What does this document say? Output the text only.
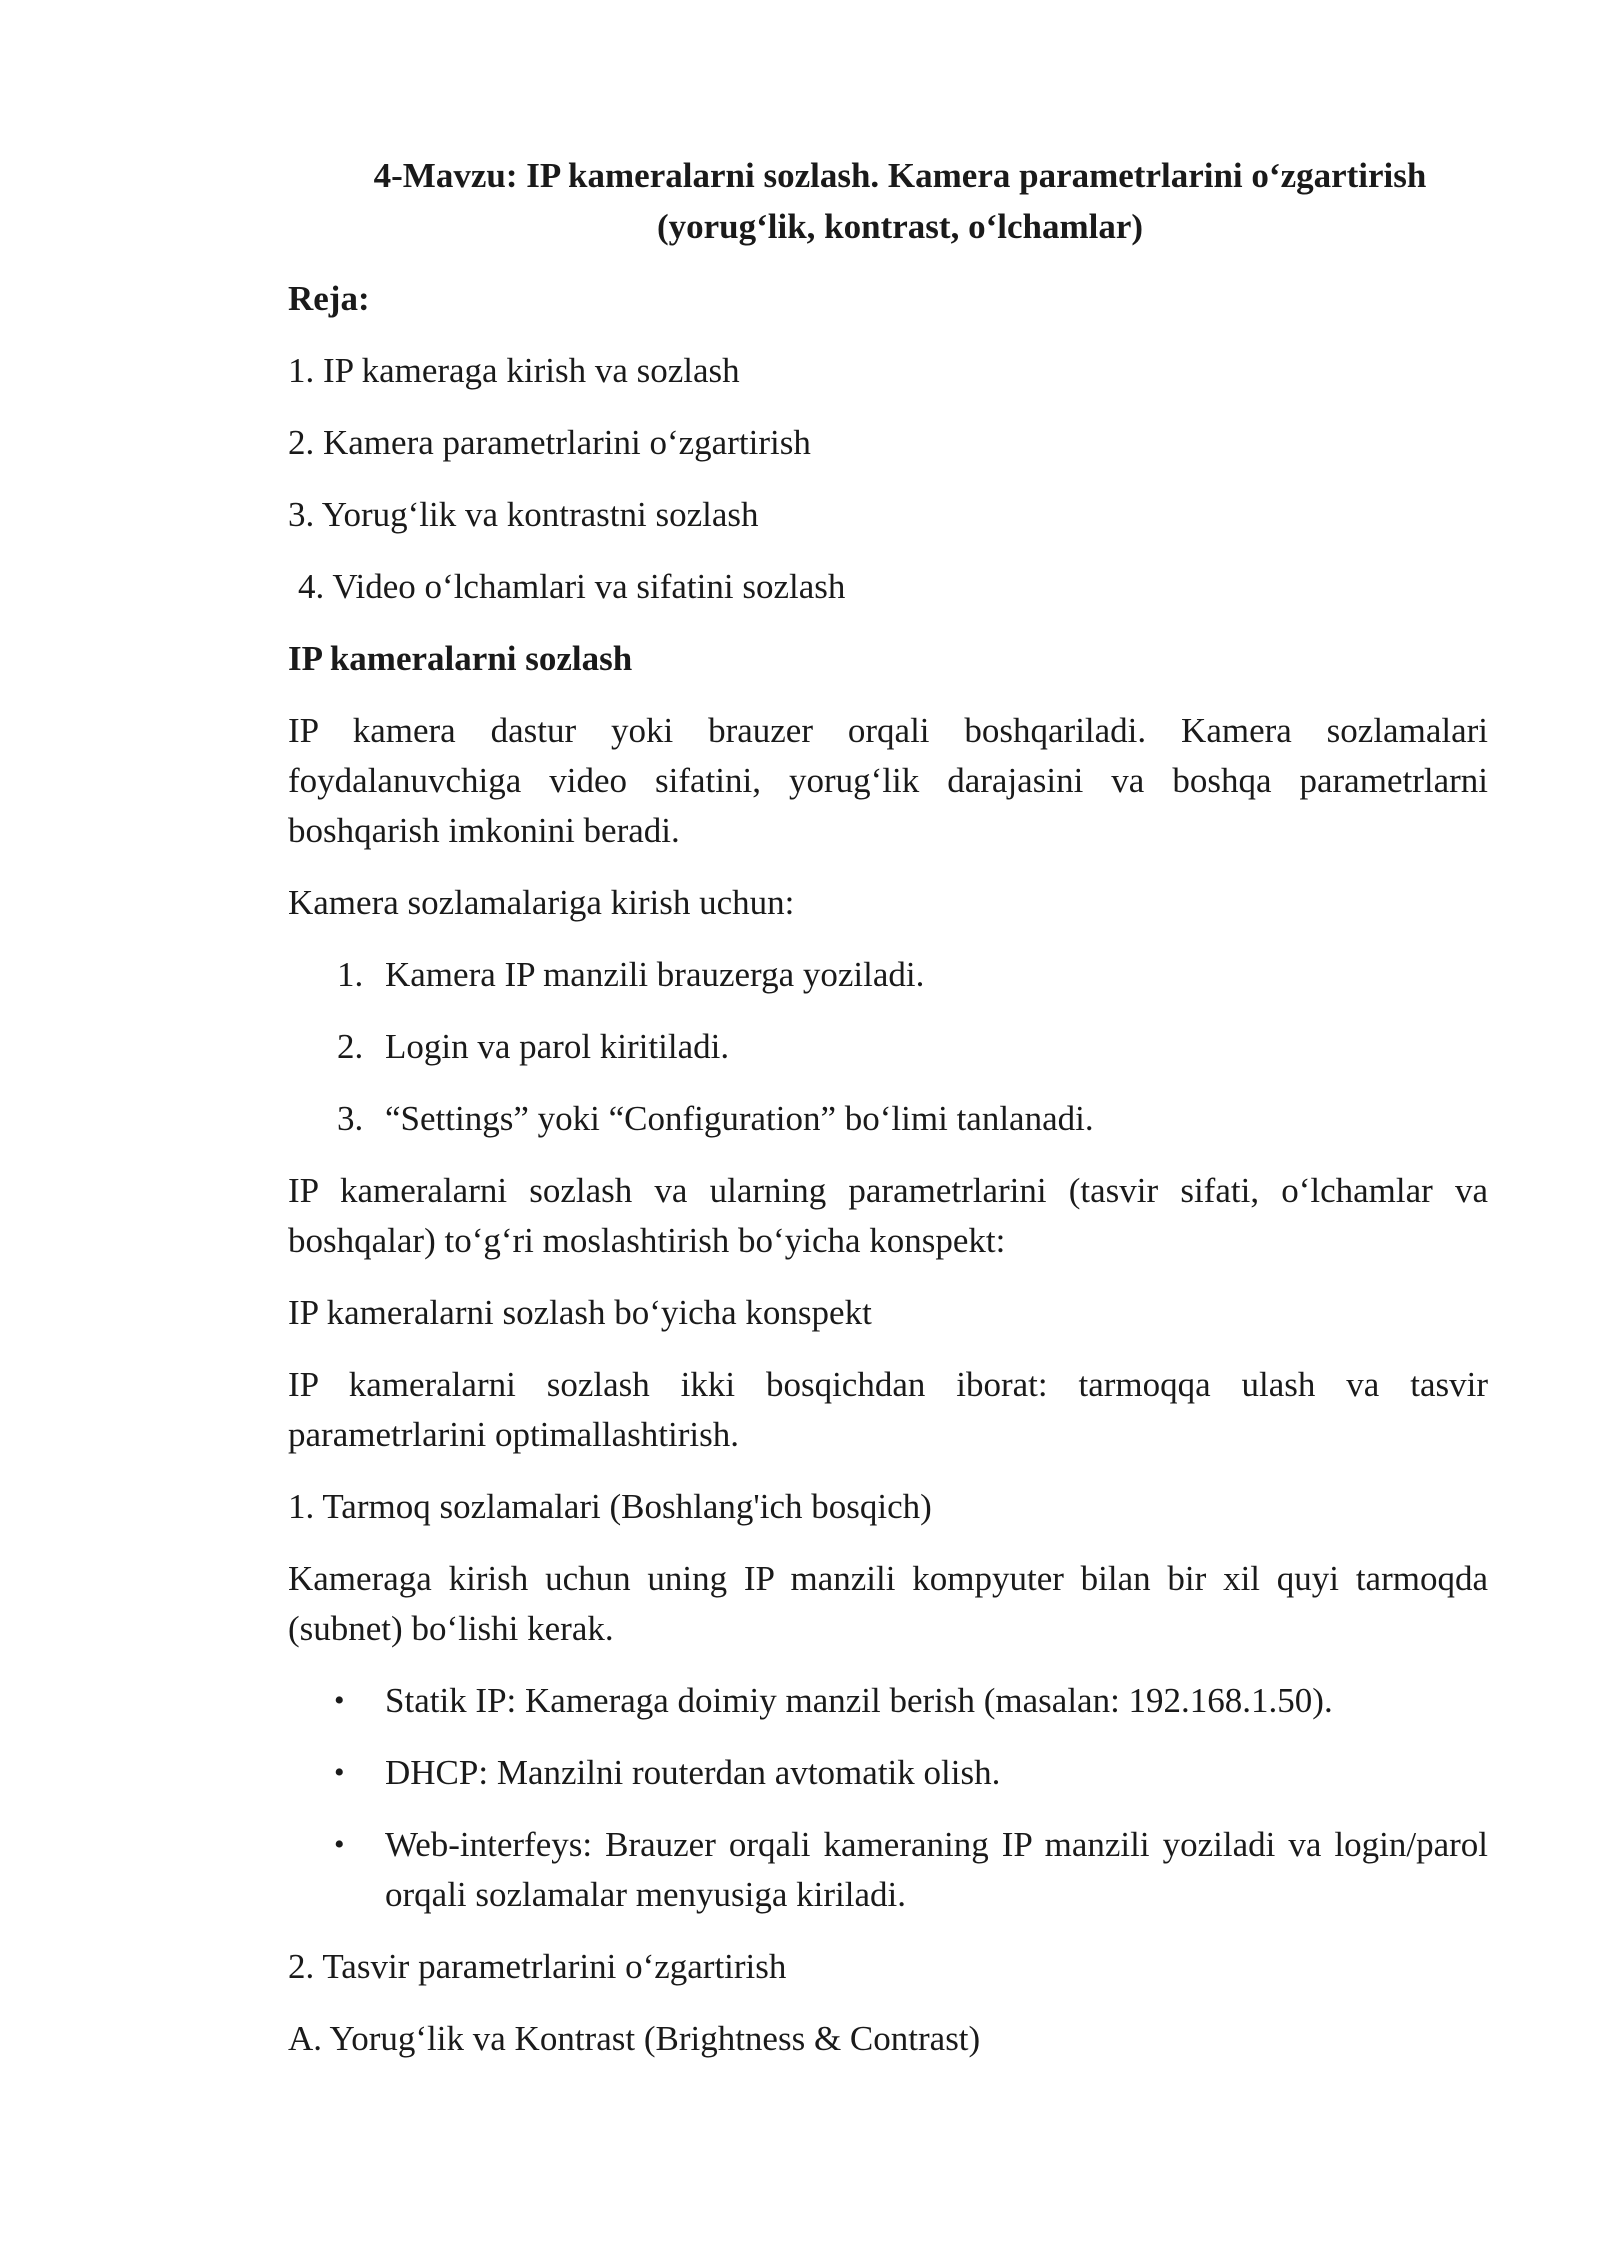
4-Mavzu: IP kameralarni sozlash. Kamera parametrlarini o‘zgartirish
(yorug‘lik, kontrast, o‘lchamlar)

Reja:

1. IP kameraga kirish va sozlash

2. Kamera parametrlarini o‘zgartirish

3. Yorug‘lik va kontrastni sozlash

4. Video o‘lchamlari va sifatini sozlash

IP kameralarni sozlash

IP kamera dastur yoki brauzer orqali boshqariladi. Kamera sozlamalari foydalanuvchiga video sifatini, yorug‘lik darajasini va boshqa parametrlarni boshqarish imkonini beradi.

Kamera sozlamalariga kirish uchun:

1. Kamera IP manzili brauzerga yoziladi.
2. Login va parol kiritiladi.
3. “Settings” yoki “Configuration” bo‘limi tanlanadi.

IP kameralarni sozlash va ularning parametrlarini (tasvir sifati, o‘lchamlar va boshqalar) to‘g‘ri moslashtirish bo‘yicha konspekt:

IP kameralarni sozlash bo‘yicha konspekt

IP kameralarni sozlash ikki bosqichdan iborat: tarmoqqa ulash va tasvir parametrlarini optimallashtirish.

1. Tarmoq sozlamalari (Boshlang'ich bosqich)

Kameraga kirish uchun uning IP manzili kompyuter bilan bir xil quyi tarmoqda (subnet) bo‘lishi kerak.

• Statik IP: Kameraga doimiy manzil berish (masalan: 192.168.1.50).
• DHCP: Manzilni routerdan avtomatik olish.
• Web-interfeys: Brauzer orqali kameraning IP manzili yoziladi va login/parol orqali sozlamalar menyusiga kiriladi.

2. Tasvir parametrlarini o‘zgartirish

A. Yorug‘lik va Kontrast (Brightness & Contrast)
